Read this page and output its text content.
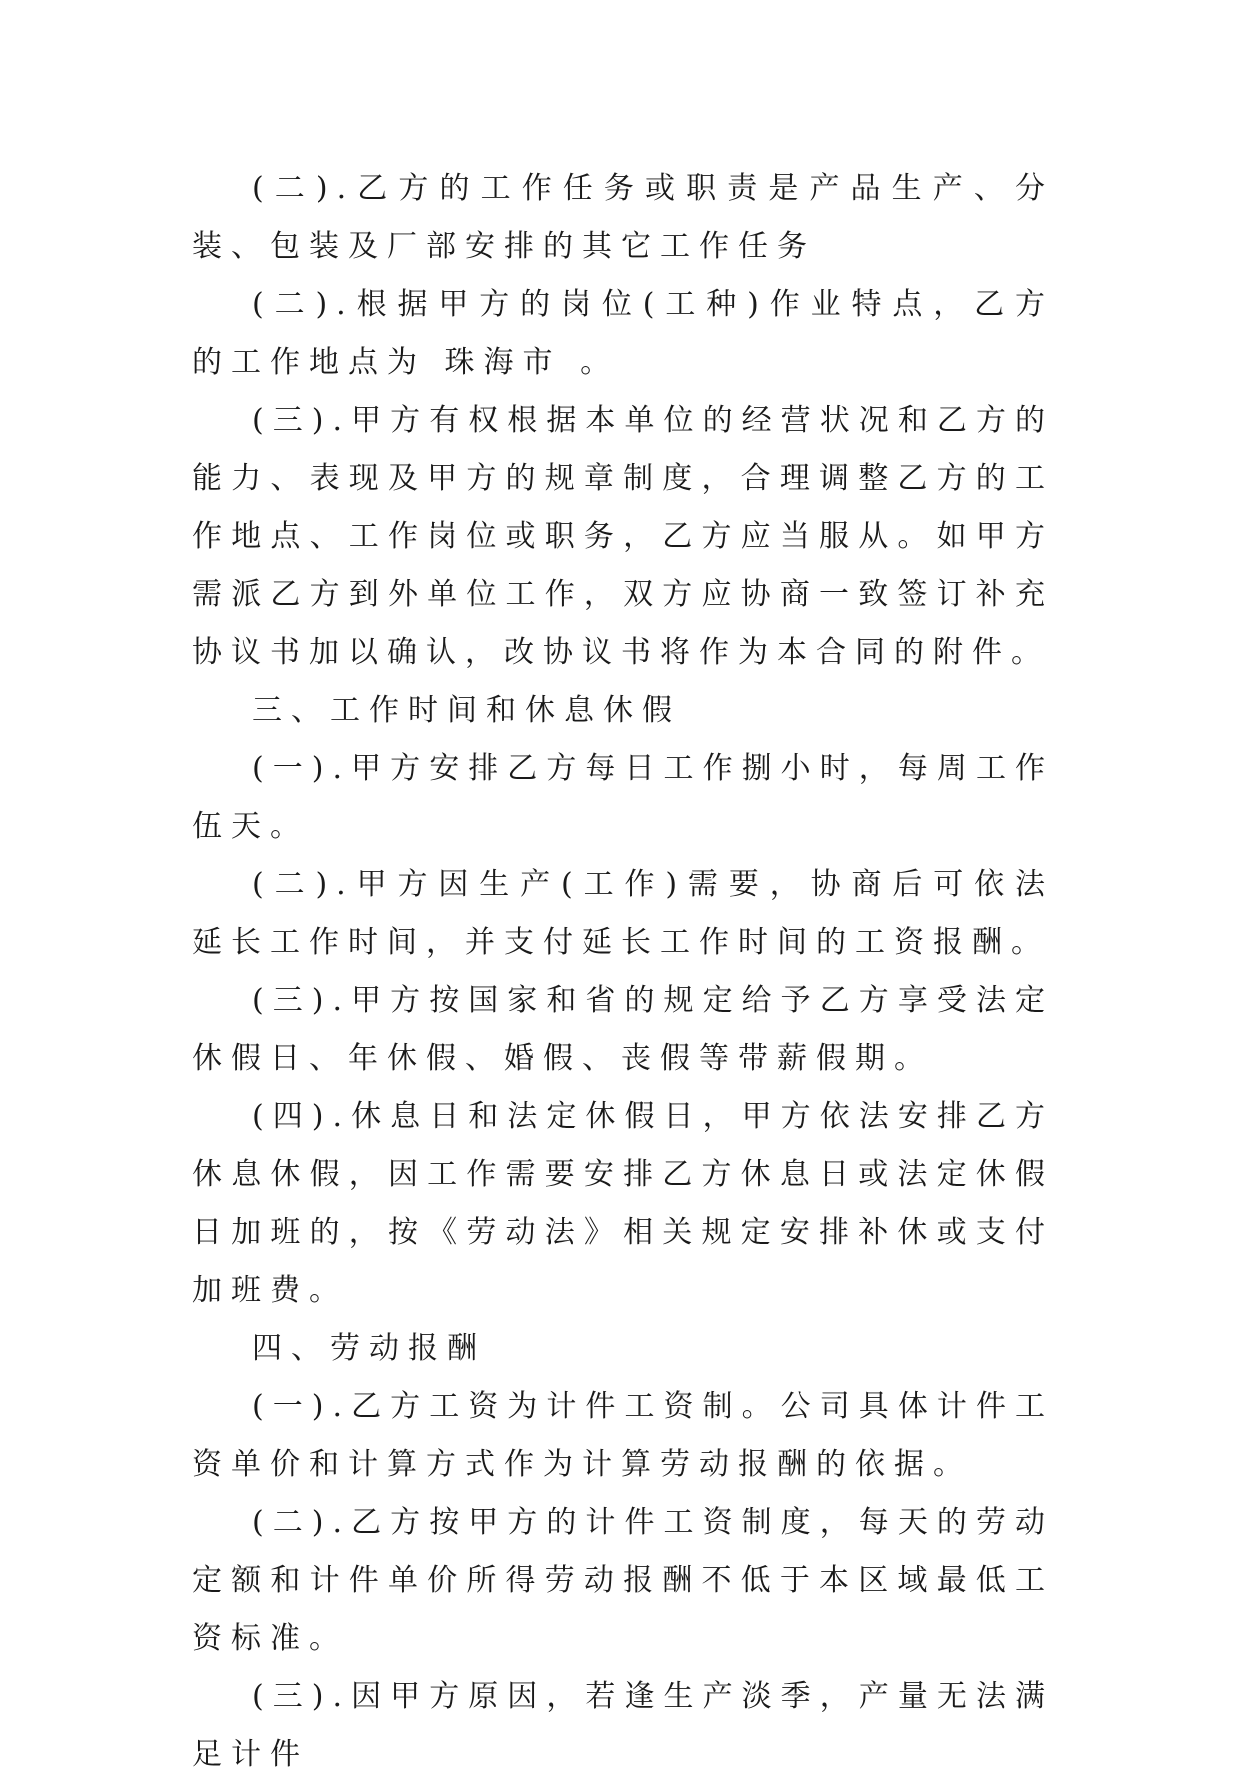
(二).乙方的工作任务或职责是产品生产、分装、包装及厂部安排的其它工作任务

(二).根据甲方的岗位(工种)作业特点，乙方的工作地点为 珠海市 。

(三).甲方有权根据本单位的经营状况和乙方的能力、表现及甲方的规章制度，合理调整乙方的工作地点、工作岗位或职务，乙方应当服从。如甲方需派乙方到外单位工作，双方应协商一致签订补充协议书加以确认，改协议书将作为本合同的附件。

三、工作时间和休息休假

(一).甲方安排乙方每日工作捌小时，每周工作伍天。

(二).甲方因生产(工作)需要，协商后可依法延长工作时间，并支付延长工作时间的工资报酬。

(三).甲方按国家和省的规定给予乙方享受法定休假日、年休假、婚假、丧假等带薪假期。

(四).休息日和法定休假日，甲方依法安排乙方休息休假，因工作需要安排乙方休息日或法定休假日加班的，按《劳动法》相关规定安排补休或支付加班费。

四、劳动报酬

(一).乙方工资为计件工资制。公司具体计件工资单价和计算方式作为计算劳动报酬的依据。

(二).乙方按甲方的计件工资制度，每天的劳动定额和计件单价所得劳动报酬不低于本区域最低工资标准。

(三).因甲方原因，若逢生产淡季，产量无法满足计件
